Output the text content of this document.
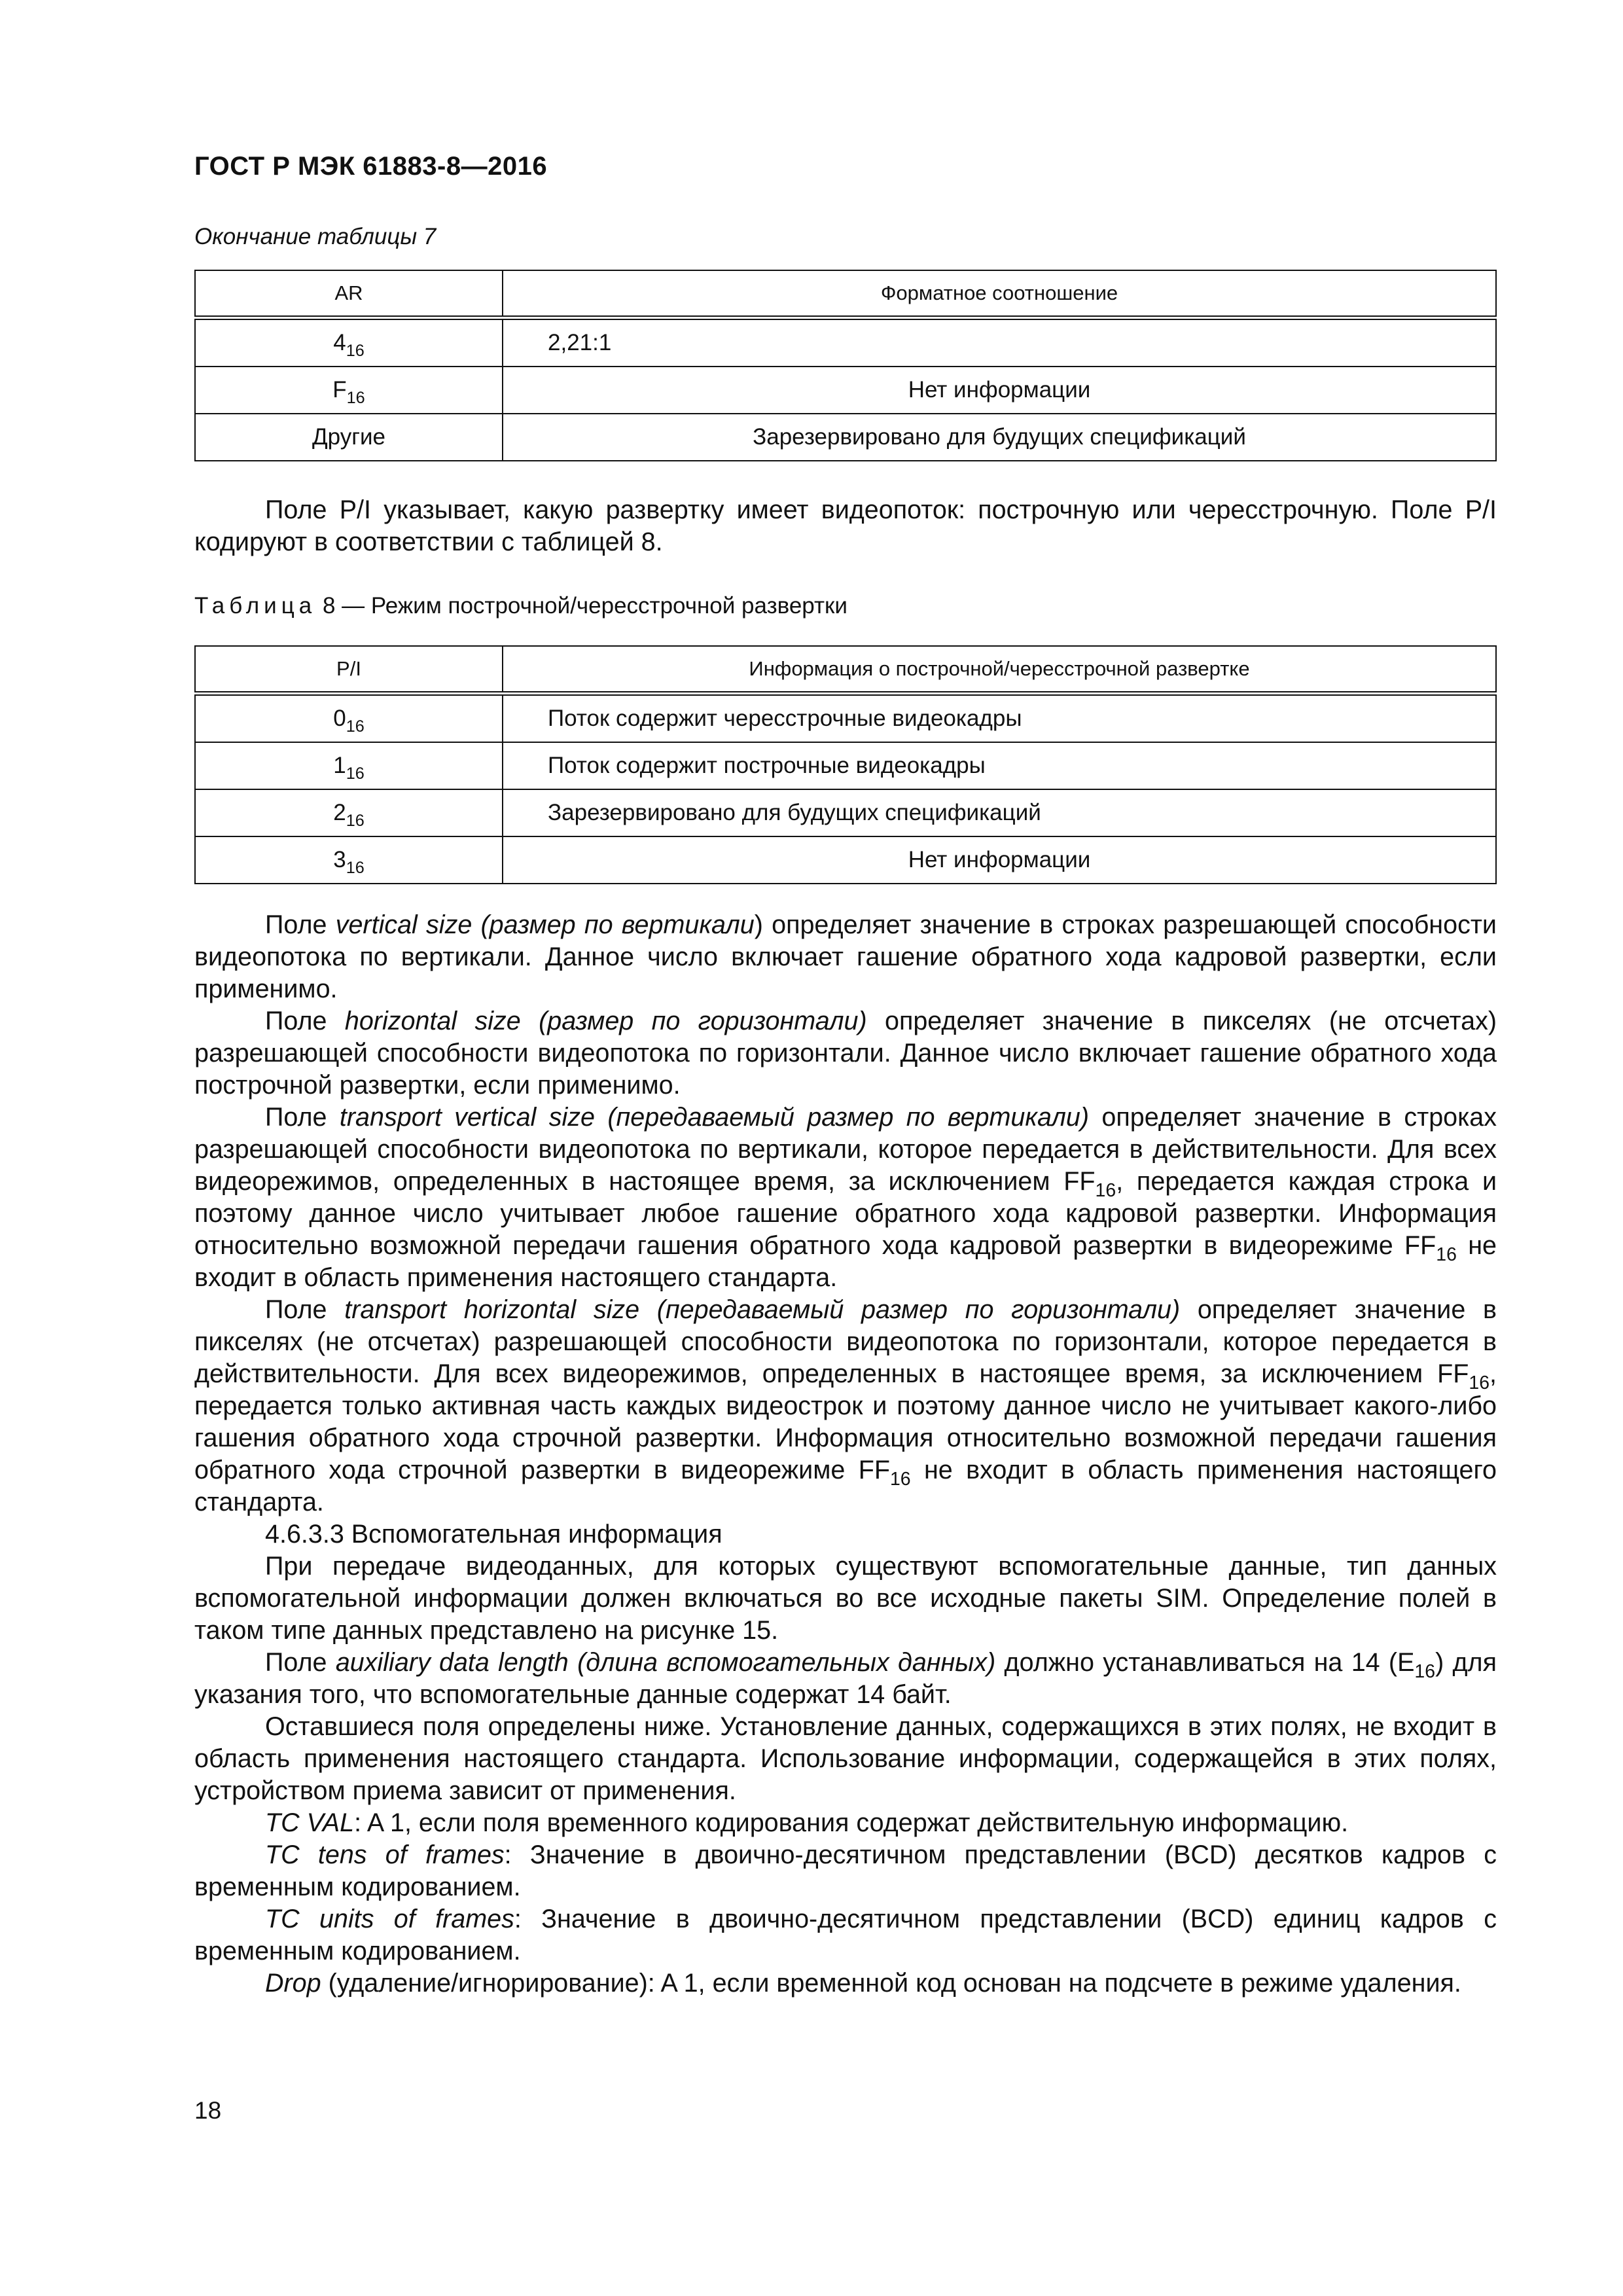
ГОСТ Р МЭК 61883-8—2016
Окончание таблицы 7
AR	Форматное соотношение
$4_{16}$	2,21:1
$F_{16}$	Нет информации
Другие	Зарезервировано для будущих спецификаций

Поле P/I указывает, какую развертку имеет видеопоток: построчную или чересстрочную. Поле P/I кодируют в соответствии с таблицей 8.

Таблица 8 — Режим построчной/чересстрочной развертки
P/I	Информация о построчной/чересстрочной развертке
$0_{16}$	Поток содержит чересстрочные видеокадры
$1_{16}$	Поток содержит построчные видеокадры
$2_{16}$	Зарезервировано для будущих спецификаций
$3_{16}$	Нет информации

Поле vertical size (размер по вертикали) определяет значение в строках разрешающей способности видеопотока по вертикали. Данное число включает гашение обратного хода кадровой развертки, если применимо.

Поле horizontal size (размер по горизонтали) определяет значение в пикселях (не отсчетах) разрешающей способности видеопотока по горизонтали. Данное число включает гашение обратного хода построчной развертки, если применимо.

Поле transport vertical size (передаваемый размер по вертикали) определяет значение в строках разрешающей способности видеопотока по вертикали, которое передается в действительности. Для всех видеорежимов, определенных в настоящее время, за исключением $FF_{16}$, передается каждая строка и поэтому данное число учитывает любое гашение обратного хода кадровой развертки. Информация относительно возможной передачи гашения обратного хода кадровой развертки в видеорежиме $FF_{16}$ не входит в область применения настоящего стандарта.

Поле transport horizontal size (передаваемый размер по горизонтали) определяет значение в пикселях (не отсчетах) разрешающей способности видеопотока по горизонтали, которое передается в действительности. Для всех видеорежимов, определенных в настоящее время, за исключением $FF_{16}$, передается только активная часть каждых видеострок и поэтому данное число не учитывает какого-либо гашения обратного хода строчной развертки. Информация относительно возможной передачи гашения обратного хода строчной развертки в видеорежиме $FF_{16}$ не входит в область применения настоящего стандарта.

4.6.3.3 Вспомогательная информация

При передаче видеоданных, для которых существуют вспомогательные данные, тип данных вспомогательной информации должен включаться во все исходные пакеты SIM. Определение полей в таком типе данных представлено на рисунке 15.

Поле auxiliary data length (длина вспомогательных данных) должно устанавливаться на 14 $(E_{16})$ для указания того, что вспомогательные данные содержат 14 байт.

Оставшиеся поля определены ниже. Установление данных, содержащихся в этих полях, не входит в область применения настоящего стандарта. Использование информации, содержащейся в этих полях, устройством приема зависит от применения.

TC VAL: A 1, если поля временного кодирования содержат действительную информацию.

TC tens of frames: Значение в двоично-десятичном представлении (BCD) десятков кадров с временным кодированием.

TC units of frames: Значение в двоично-десятичном представлении (BCD) единиц кадров с временным кодированием.

Drop (удаление/игнорирование): A 1, если временной код основан на подсчете в режиме удаления.

18
